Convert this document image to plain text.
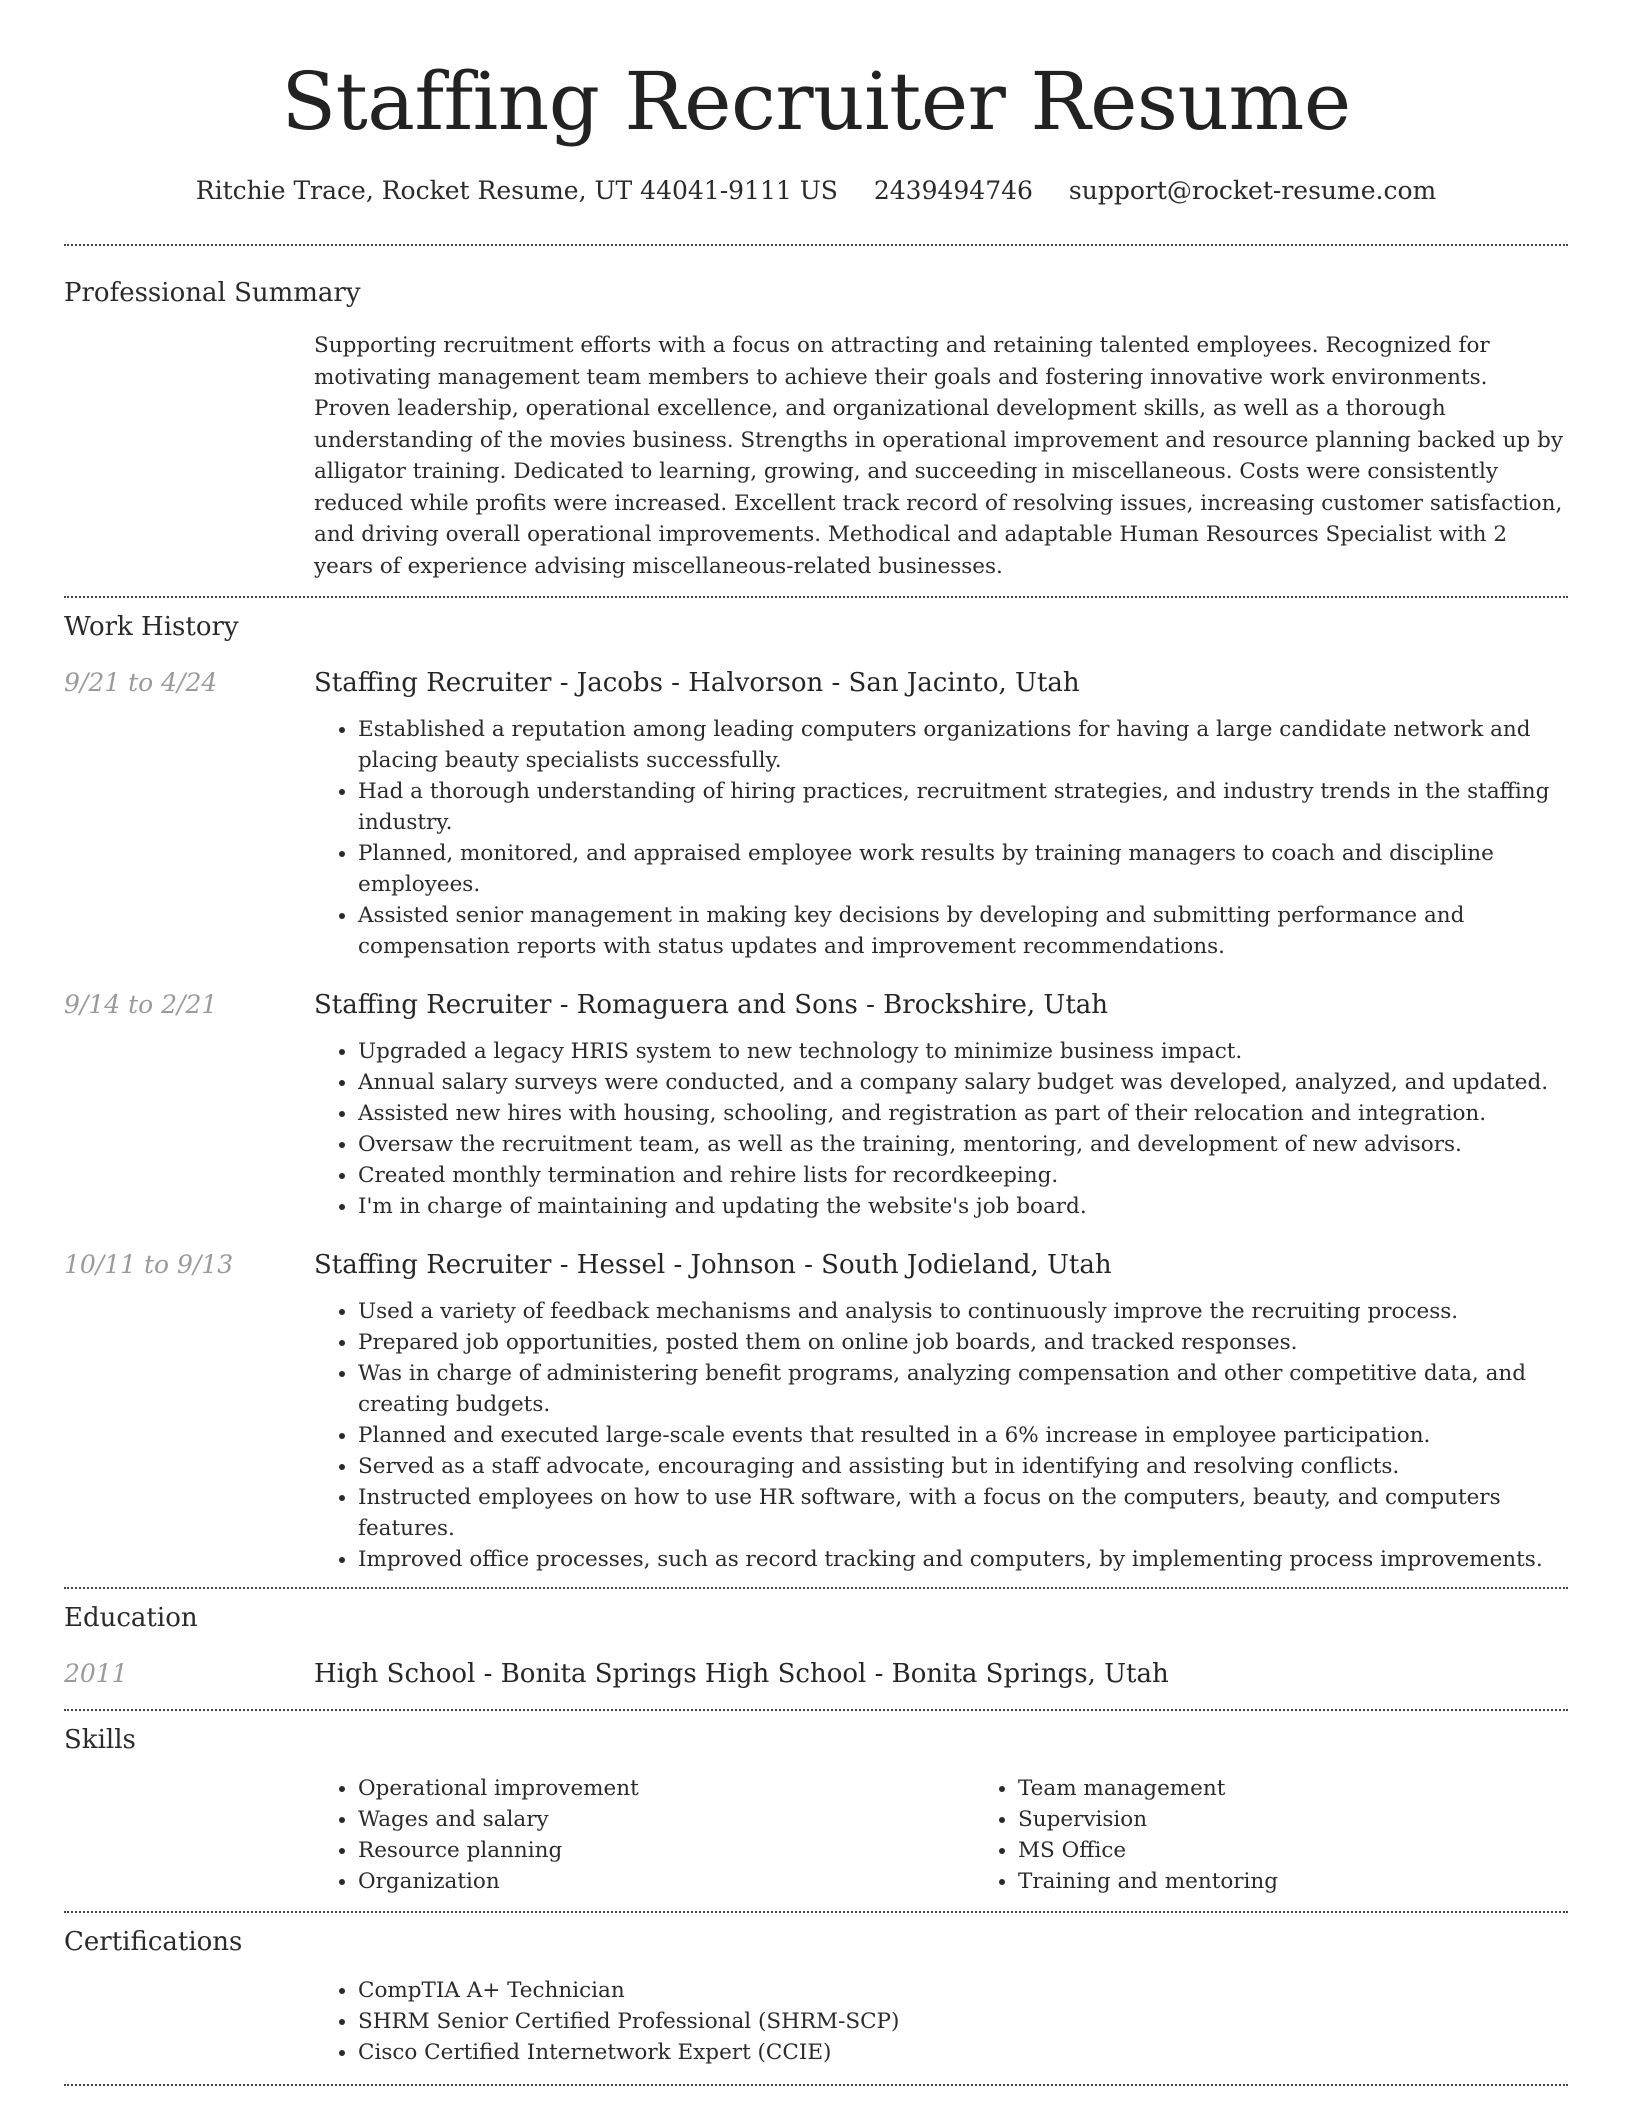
Staffing Recruiter Resume
Ritchie Trace, Rocket Resume, UT 44041-9111 US 2439494746 support@rocket-resume.com
Professional Summary

Supporting recruitment efforts with a focus on attracting and retaining talented employees. Recognized for motivating management team members to achieve their goals and fostering innovative work environments. Proven leadership, operational excellence, and organizational development skills, as well as a thorough understanding of the movies business. Strengths in operational improvement and resource planning backed up by alligator training. Dedicated to learning, growing, and succeeding in miscellaneous. Costs were consistently reduced while profits were increased. Excellent track record of resolving issues, increasing customer satisfaction, and driving overall operational improvements. Methodical and adaptable Human Resources Specialist with 2 years of experience advising miscellaneous-related businesses.

Work History
9/21 to 4/24	Staffing Recruiter - Jacobs - Halvorson - San Jacinto, Utah
• Established a reputation among leading computers organizations for having a large candidate network and placing beauty specialists successfully.
• Had a thorough understanding of hiring practices, recruitment strategies, and industry trends in the staffing industry.
• Planned, monitored, and appraised employee work results by training managers to coach and discipline employees.
• Assisted senior management in making key decisions by developing and submitting performance and compensation reports with status updates and improvement recommendations.
9/14 to 2/21	Staffing Recruiter - Romaguera and Sons - Brockshire, Utah
• Upgraded a legacy HRIS system to new technology to minimize business impact.
• Annual salary surveys were conducted, and a company salary budget was developed, analyzed, and updated.
• Assisted new hires with housing, schooling, and registration as part of their relocation and integration.
• Oversaw the recruitment team, as well as the training, mentoring, and development of new advisors.
• Created monthly termination and rehire lists for recordkeeping.
• I'm in charge of maintaining and updating the website's job board.
10/11 to 9/13	Staffing Recruiter - Hessel - Johnson - South Jodieland, Utah
• Used a variety of feedback mechanisms and analysis to continuously improve the recruiting process.
• Prepared job opportunities, posted them on online job boards, and tracked responses.
• Was in charge of administering benefit programs, analyzing compensation and other competitive data, and creating budgets.
• Planned and executed large-scale events that resulted in a 6% increase in employee participation.
• Served as a staff advocate, encouraging and assisting but in identifying and resolving conflicts.
• Instructed employees on how to use HR software, with a focus on the computers, beauty, and computers features.
• Improved office processes, such as record tracking and computers, by implementing process improvements.
Education
2011	High School - Bonita Springs High School - Bonita Springs, Utah
Skills
• Operational improvement
• Wages and salary
• Resource planning
• Organization
• Team management
• Supervision
• MS Office
• Training and mentoring
Certifications
• CompTIA A+ Technician
• SHRM Senior Certified Professional (SHRM-SCP)
• Cisco Certified Internetwork Expert (CCIE)
